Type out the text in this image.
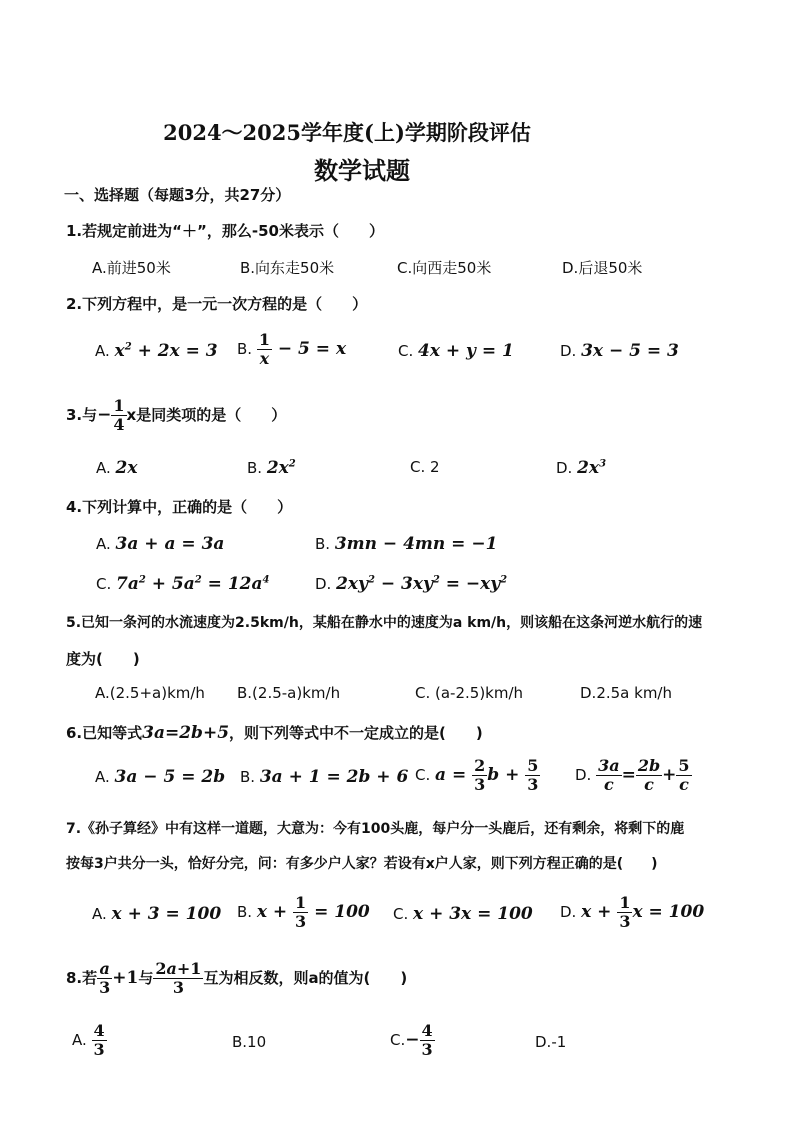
2024～2025学年度(上)学期阶段评估
数学试题
一、选择题（每题3分，共27分）
1.若规定前进为“＋”，那么-50米表示（　　）
A.前进50米	B.向东走50米	C.向西走50米	D.后退50米
2.下列方程中，是一元一次方程的是（　　）
A. $x^2 + 2x = 3$ B. $\frac{1}{x} - 5 = x$	C. 4x + y = 1	D. 3x − 5 = 3
3.与− $\frac{1}{4}$ x是同类项的是（　　）
A. 2x	B. $2x^2$	C. 2	D. $2x^3$
4.下列计算中，正确的是（　　）
A. 3a + a = 3a	B. 3mn − 4mn = −1
C. $7a^2 + 5a^2 = 12a^4$	D. $2xy^2 - 3xy^2 = -xy^2$
5.已知一条河的水流速度为2.5km/h，某船在静水中的速度为a km/h，则该船在这条河逆水航行的速
度为(　　)
A.(2.5+a)km/h B.(2.5-a)km/h	C. (a-2.5)km/h	D.2.5a km/h
6.已知等式3a=2b+5，则下列等式中不一定成立的是(　　)
A. 3a − 5 = 2b B. 3a + 1 = 2b + 6 C. $a = \frac{2}{3}$ $b + \frac{5}{3} D$. $\frac{3a}{c} = \frac{2b}{c} + \frac{5}{c}$
7.《孙子算经》中有这样一道题，大意为：今有100头鹿，每户分一头鹿后，还有剩余，将剩下的鹿
按每3户共分一头，恰好分完，问：有多少户人家？若设有x户人家，则下列方程正确的是(　　)
A. x + 3 = 100 B. $x + \frac{1}{3} = 100$ C. x + 3x = 100 D. $x + \frac{1}{3}$ x = 100
8.若 $\frac{a}{3} +1$与 $\frac{2a+1}{3}$ 互为相反数，则a的值为(　　)
A. $\frac{4}{3}$	B.10	$C.- \frac{4}{3}$	D.-1
